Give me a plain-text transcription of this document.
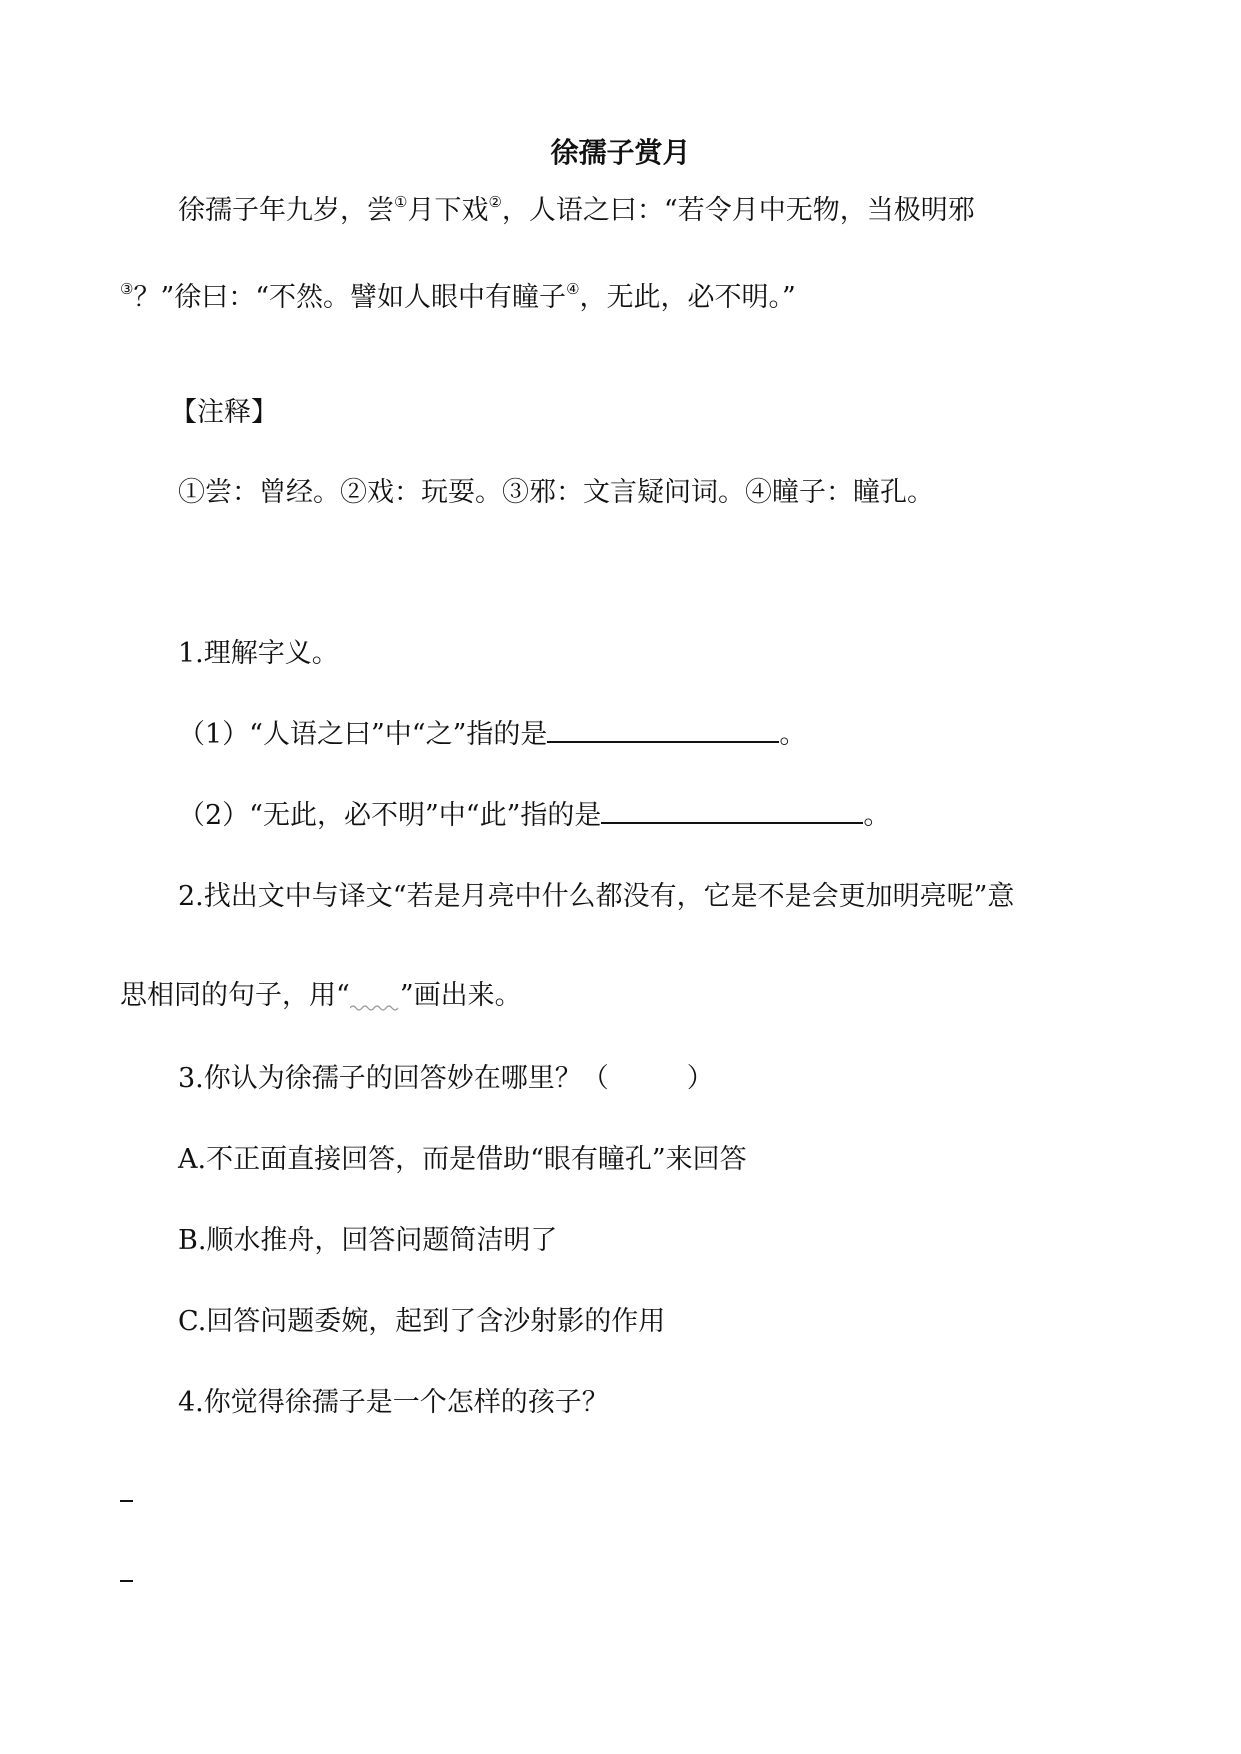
徐孺子赏月
徐孺子年九岁，尝①月下戏②，人语之曰：“若令月中无物，当极明邪
③？”徐曰：“不然。譬如人眼中有瞳子④，无此，必不明。”
【注释】
①尝：曾经。②戏：玩耍。③邪：文言疑问词。④瞳子：瞳孔。
1.理解字义。
（1）“人语之曰”中“之”指的是	。
（2）“无此，必不明”中“此”指的是	。
2.找出文中与译文“若是月亮中什么都没有，它是不是会更加明亮呢”意
思相同的句子，用“ ”画出来。
3.你认为徐孺子的回答妙在哪里？（	）
A.不正面直接回答，而是借助“眼有瞳孔”来回答
B.顺水推舟，回答问题简洁明了
C.回答问题委婉，起到了含沙射影的作用
4.你觉得徐孺子是一个怎样的孩子？
